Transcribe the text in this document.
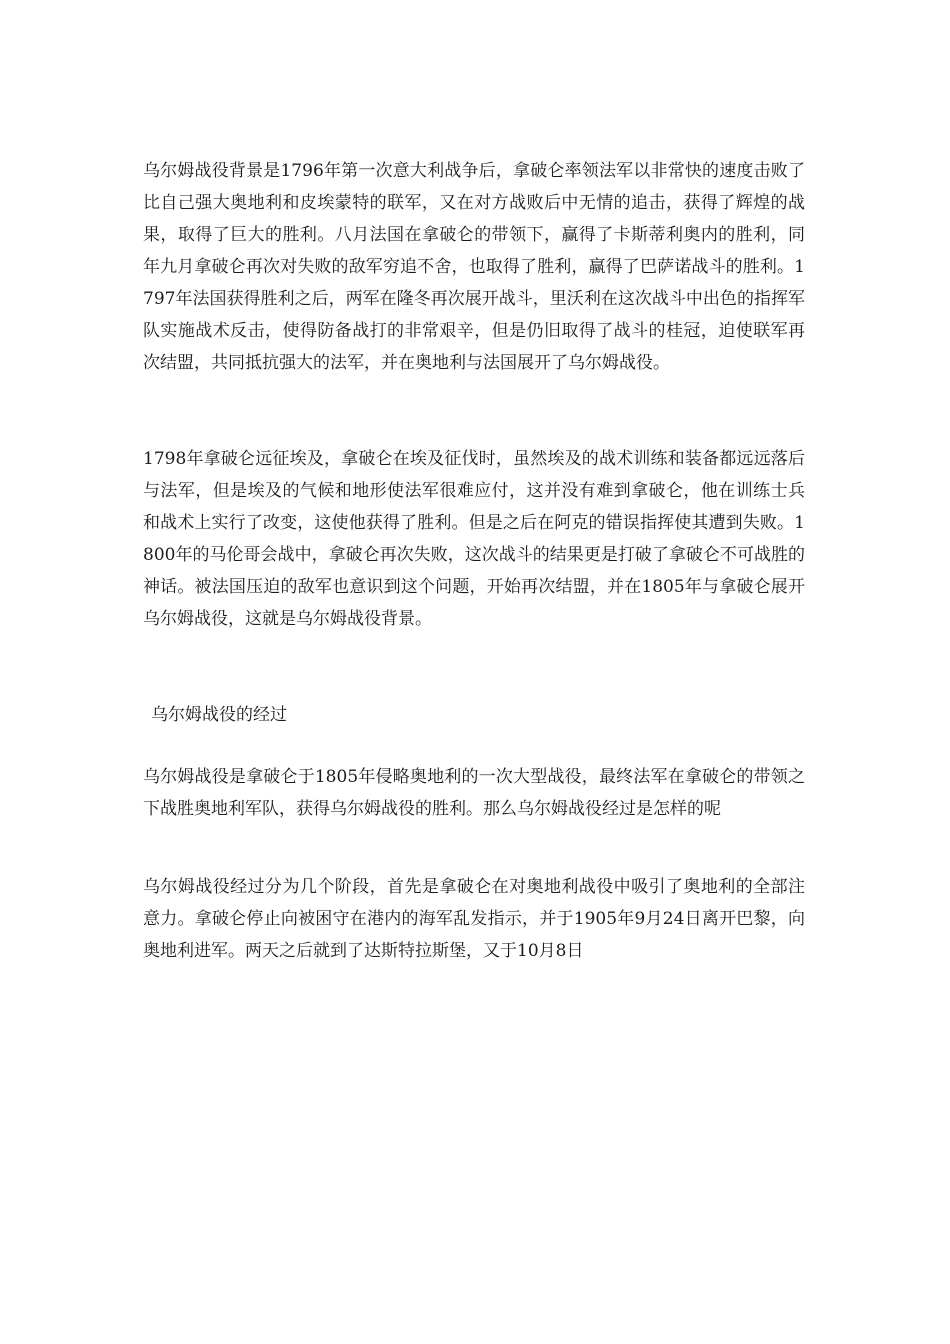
乌尔姆战役背景是1796年第一次意大利战争后，拿破仑率领法军以非常快的速度击败了比自己强大奥地利和皮埃蒙特的联军，又在对方战败后中无情的追击，获得了辉煌的战果，取得了巨大的胜利。八月法国在拿破仑的带领下，赢得了卡斯蒂利奥内的胜利，同年九月拿破仑再次对失败的敌军穷追不舍，也取得了胜利，赢得了巴萨诺战斗的胜利。1797年法国获得胜利之后，两军在隆冬再次展开战斗，里沃利在这次战斗中出色的指挥军队实施战术反击，使得防备战打的非常艰辛，但是仍旧取得了战斗的桂冠，迫使联军再次结盟，共同抵抗强大的法军，并在奥地利与法国展开了乌尔姆战役。

1798年拿破仑远征埃及，拿破仑在埃及征伐时，虽然埃及的战术训练和装备都远远落后与法军，但是埃及的气候和地形使法军很难应付，这并没有难到拿破仑，他在训练士兵和战术上实行了改变，这使他获得了胜利。但是之后在阿克的错误指挥使其遭到失败。1800年的马伦哥会战中，拿破仑再次失败，这次战斗的结果更是打破了拿破仑不可战胜的神话。被法国压迫的敌军也意识到这个问题，开始再次结盟，并在1805年与拿破仑展开乌尔姆战役，这就是乌尔姆战役背景。

乌尔姆战役的经过

乌尔姆战役是拿破仑于1805年侵略奥地利的一次大型战役，最终法军在拿破仑的带领之下战胜奥地利军队，获得乌尔姆战役的胜利。那么乌尔姆战役经过是怎样的呢

乌尔姆战役经过分为几个阶段，首先是拿破仑在对奥地利战役中吸引了奥地利的全部注意力。拿破仑停止向被困守在港内的海军乱发指示，并于1905年9月24日离开巴黎，向奥地利进军。两天之后就到了达斯特拉斯堡，又于10月8日
